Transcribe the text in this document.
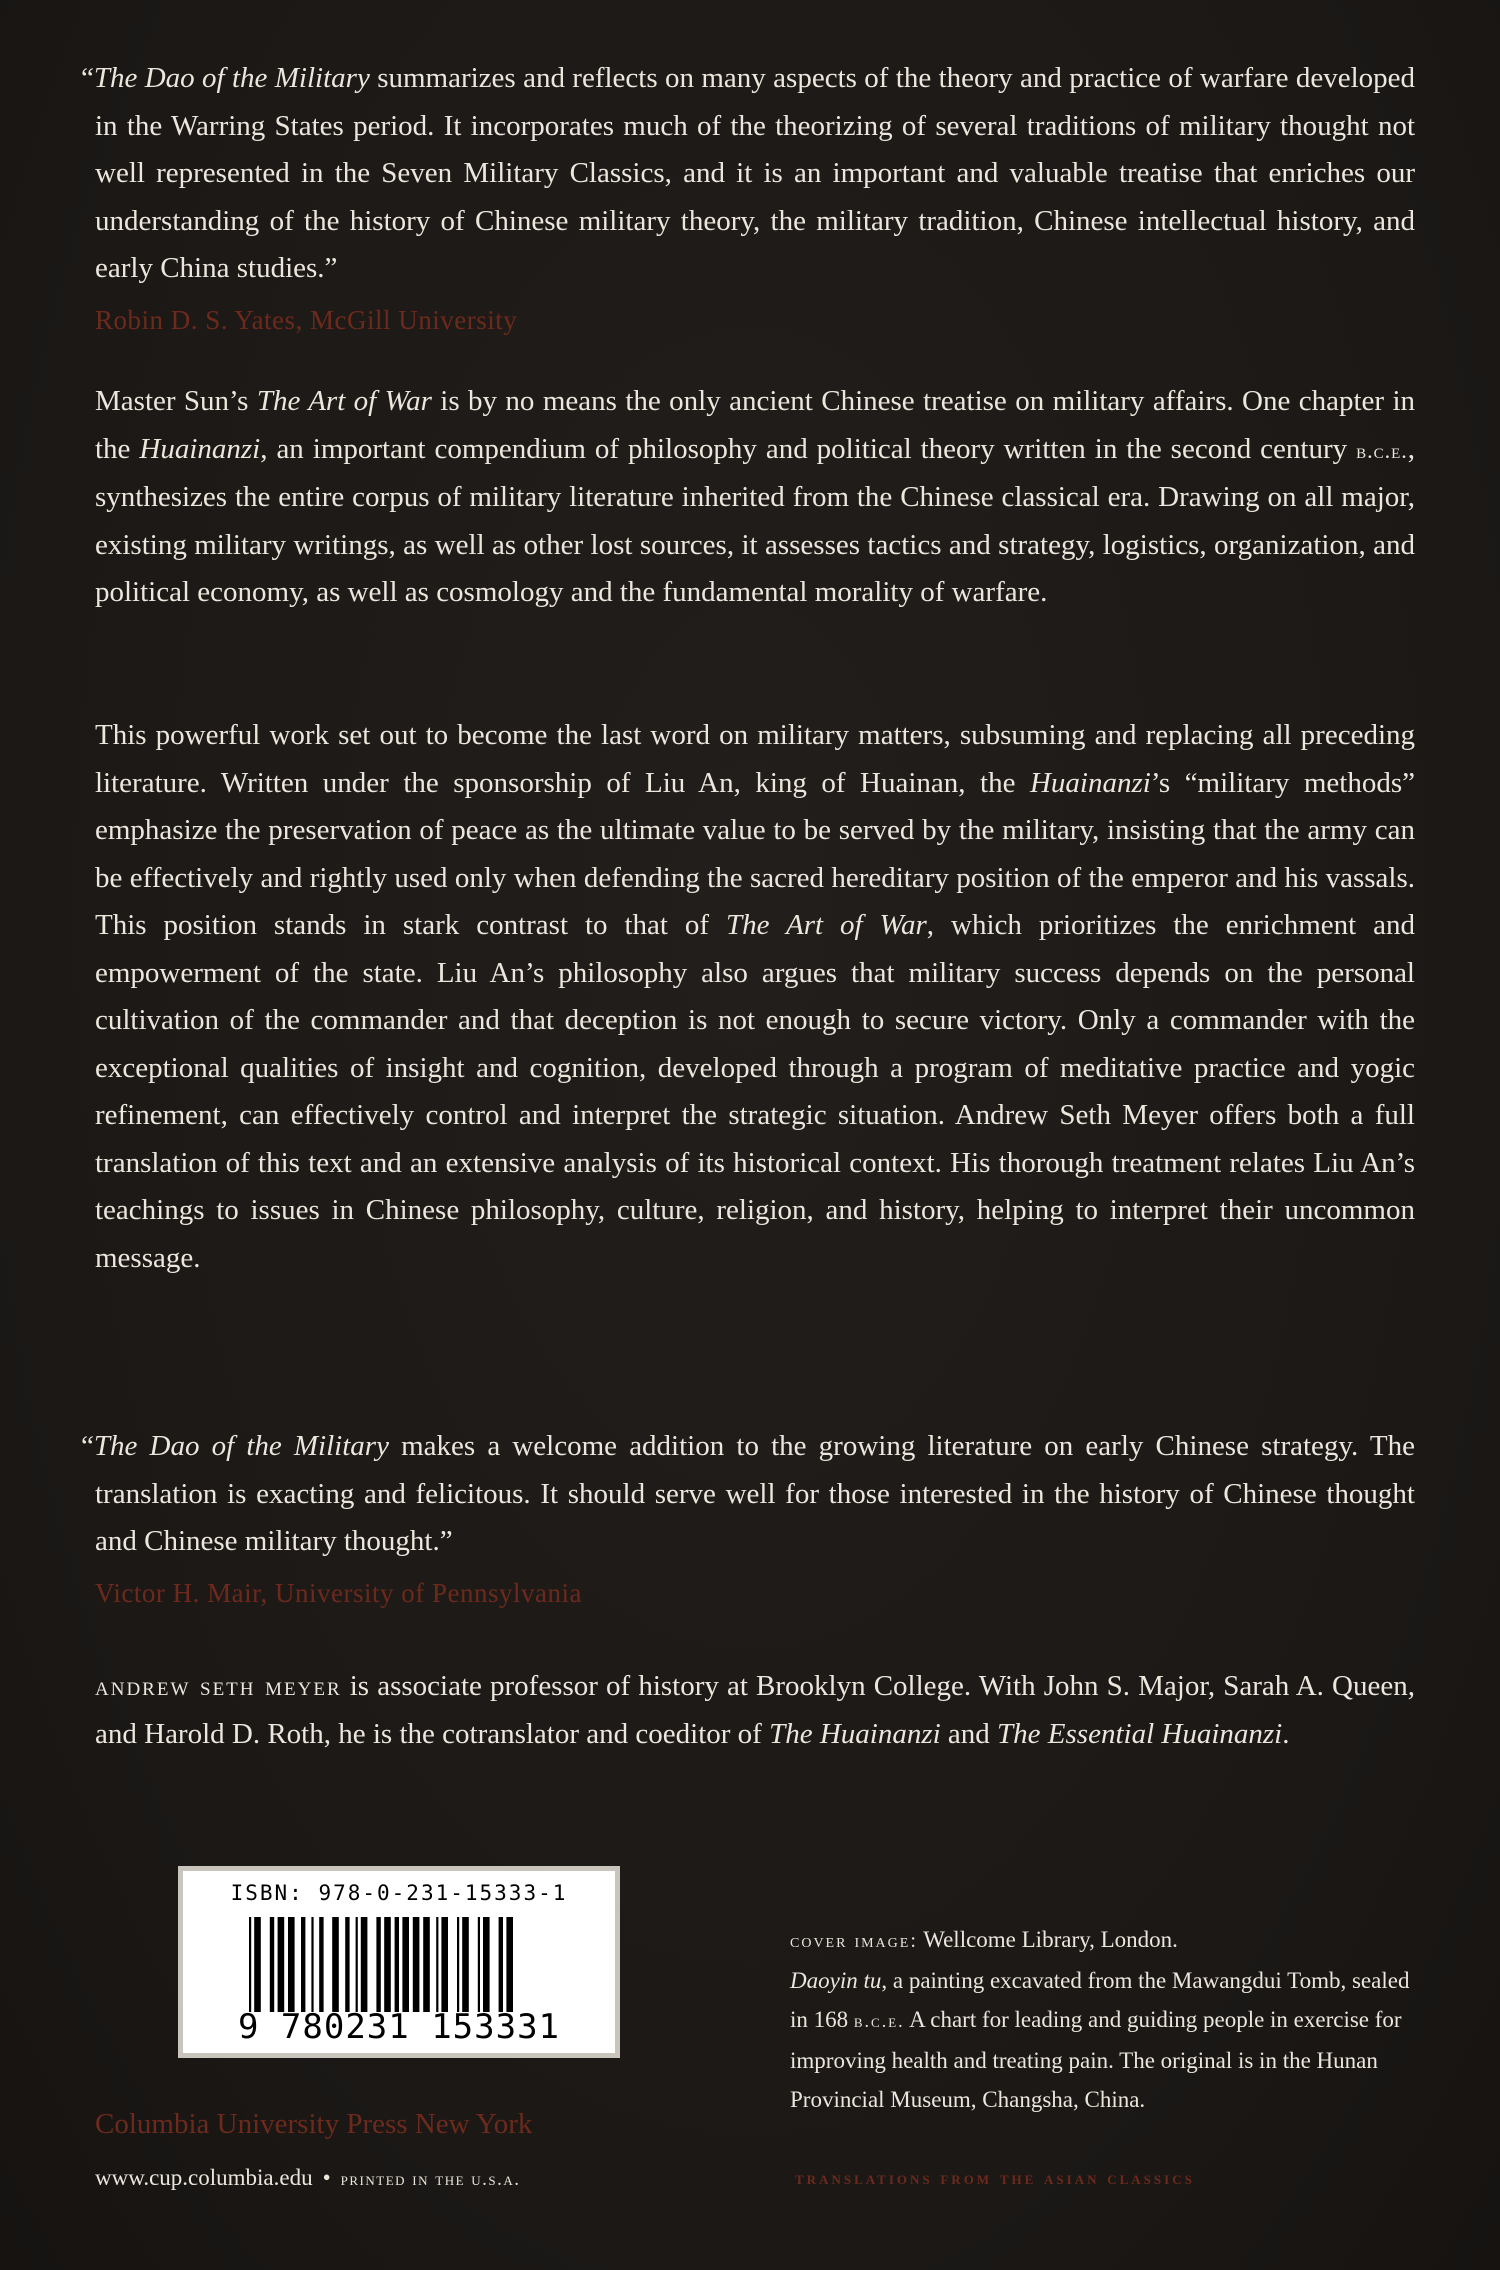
“The Dao of the Military summarizes and reflects on many aspects of the theory and practice of warfare developed in the Warring States period. It incorporates much of the theorizing of several traditions of military thought not well represented in the Seven Military Classics, and it is an important and valuable treatise that enriches our understanding of the history of Chinese military theory, the military tradition, Chinese intellectual history, and early China studies.”

Robin D. S. Yates, McGill University

Master Sun’s The Art of War is by no means the only ancient Chinese treatise on military affairs. One chapter in the Huainanzi, an important compendium of philosophy and political theory written in the second century b.c.e., synthesizes the entire corpus of military literature inherited from the Chinese classical era. Drawing on all major, existing military writings, as well as other lost sources, it assesses tactics and strategy, logistics, organization, and political economy, as well as cosmology and the fundamental morality of warfare.

This powerful work set out to become the last word on military matters, subsuming and replacing all preceding literature. Written under the sponsorship of Liu An, king of Huainan, the Huainanzi’s “military methods” emphasize the preservation of peace as the ultimate value to be served by the military, insisting that the army can be effectively and rightly used only when defending the sacred hereditary position of the emperor and his vassals. This position stands in stark contrast to that of The Art of War, which prioritizes the enrichment and empowerment of the state. Liu An’s philosophy also argues that military success depends on the personal cultivation of the commander and that deception is not enough to secure victory. Only a commander with the exceptional qualities of insight and cognition, developed through a program of meditative practice and yogic refinement, can effectively control and interpret the strategic situation. Andrew Seth Meyer offers both a full translation of this text and an extensive analysis of its historical context. His thorough treatment relates Liu An’s teachings to issues in Chinese philosophy, culture, religion, and history, helping to interpret their uncommon message.

“The Dao of the Military makes a welcome addition to the growing literature on early Chinese strategy. The translation is exacting and felicitous. It should serve well for those interested in the history of Chinese thought and Chinese military thought.”

Victor H. Mair, University of Pennsylvania

andrew seth meyer is associate professor of history at Brooklyn College. With John S. Major, Sarah A. Queen, and Harold D. Roth, he is the cotranslator and coeditor of The Huainanzi and The Essential Huainanzi.

ISBN: 978-0-231-15333-1
9 780231 153331
cover image: Wellcome Library, London.
Daoyin tu, a painting excavated from the Mawangdui Tomb, sealed in 168 b.c.e. A chart for leading and guiding people in exercise for improving health and treating pain. The original is in the Hunan Provincial Museum, Changsha, China.
Columbia University Press New York
www.cup.columbia.edu • printed in the u.s.a.	translations from the asian classics
